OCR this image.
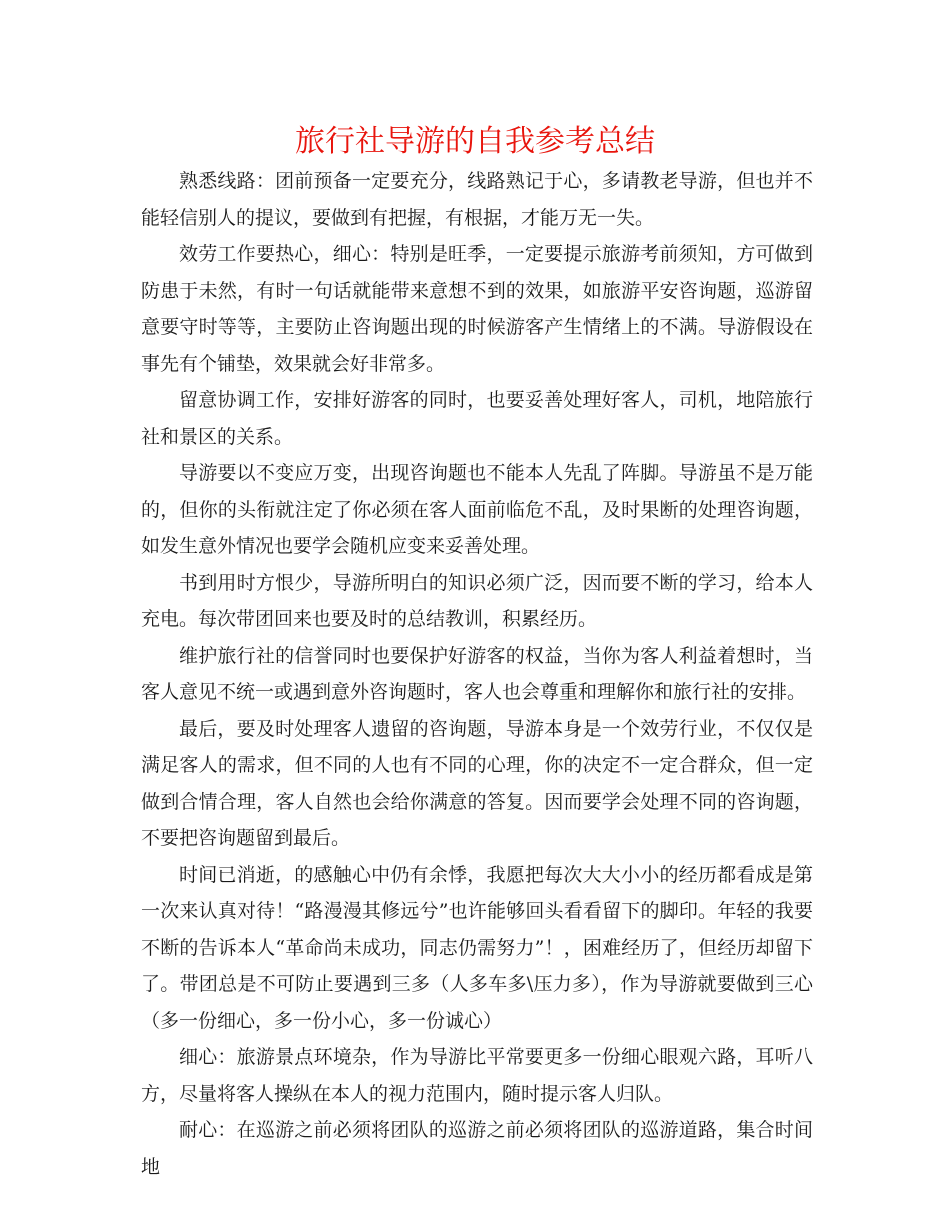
旅行社导游的自我参考总结

熟悉线路：团前预备一定要充分，线路熟记于心，多请教老导游，但也并不能轻信别人的提议，要做到有把握，有根据，才能万无一失。

效劳工作要热心，细心：特别是旺季，一定要提示旅游考前须知，方可做到防患于未然，有时一句话就能带来意想不到的效果，如旅游平安咨询题，巡游留意要守时等等，主要防止咨询题出现的时候游客产生情绪上的不满。导游假设在事先有个铺垫，效果就会好非常多。

留意协调工作，安排好游客的同时，也要妥善处理好客人，司机，地陪旅行社和景区的关系。

导游要以不变应万变，出现咨询题也不能本人先乱了阵脚。导游虽不是万能的，但你的头衔就注定了你必须在客人面前临危不乱，及时果断的处理咨询题，如发生意外情况也要学会随机应变来妥善处理。

书到用时方恨少，导游所明白的知识必须广泛，因而要不断的学习，给本人充电。每次带团回来也要及时的总结教训，积累经历。

维护旅行社的信誉同时也要保护好游客的权益，当你为客人利益着想时，当客人意见不统一或遇到意外咨询题时，客人也会尊重和理解你和旅行社的安排。

最后，要及时处理客人遗留的咨询题，导游本身是一个效劳行业，不仅仅是满足客人的需求，但不同的人也有不同的心理，你的决定不一定合群众，但一定做到合情合理，客人自然也会给你满意的答复。因而要学会处理不同的咨询题，不要把咨询题留到最后。

时间已消逝，的感触心中仍有余悸，我愿把每次大大小小的经历都看成是第一次来认真对待！“路漫漫其修远兮”也许能够回头看看留下的脚印。年轻的我要不断的告诉本人“革命尚未成功，同志仍需努力”！，困难经历了，但经历却留下了。带团总是不可防止要遇到三多（人多车多\压力多），作为导游就要做到三心（多一份细心，多一份小心，多一份诚心）

细心：旅游景点环境杂，作为导游比平常要更多一份细心眼观六路，耳听八方，尽量将客人操纵在本人的视力范围内，随时提示客人归队。

耐心：在巡游之前必须将团队的巡游之前必须将团队的巡游道路，集合时间地
